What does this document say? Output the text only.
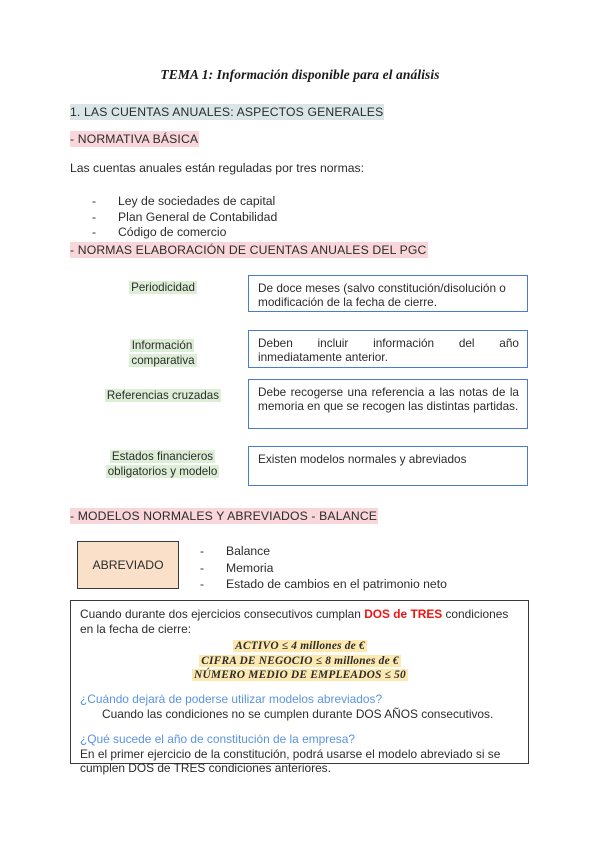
TEMA 1: Información disponible para el análisis
1. LAS CUENTAS ANUALES: ASPECTOS GENERALES
- NORMATIVA BÁSICA
Las cuentas anuales están reguladas por tres normas:
- Ley de sociedades de capital
- Plan General de Contabilidad
- Código de comercio
- NORMAS ELABORACIÓN DE CUENTAS ANUALES DEL PGC
Periodicidad	De doce meses (salvo constitución/disolución o modificación de la fecha de cierre.
Información comparativa
Deben incluir información del año inmediatamente anterior.
Referencias cruzadas	Debe recogerse una referencia a las notas de la memoria en que se recogen las distintas partidas.
Estados financieros obligatorios y modelo
Existen modelos normales y abreviados
- MODELOS NORMALES Y ABREVIADOS - BALANCE
ABREVIADO
- Balance
- Memoria
- Estado de cambios en el patrimonio neto

Cuando durante dos ejercicios consecutivos cumplan DOS de TRES condiciones en la fecha de cierre:

ACTIVO ≤ 4 millones de €
CIFRA DE NEGOCIO ≤ 8 millones de €
NÚMERO MEDIO DE EMPLEADOS ≤ 50

¿Cuándo dejará de poderse utilizar modelos abreviados?

Cuando las condiciones no se cumplen durante DOS AÑOS consecutivos.

¿Qué sucede el año de constitución de la empresa?

En el primer ejercicio de la constitución, podrá usarse el modelo abreviado si se cumplen DOS de TRES condiciones anteriores.
